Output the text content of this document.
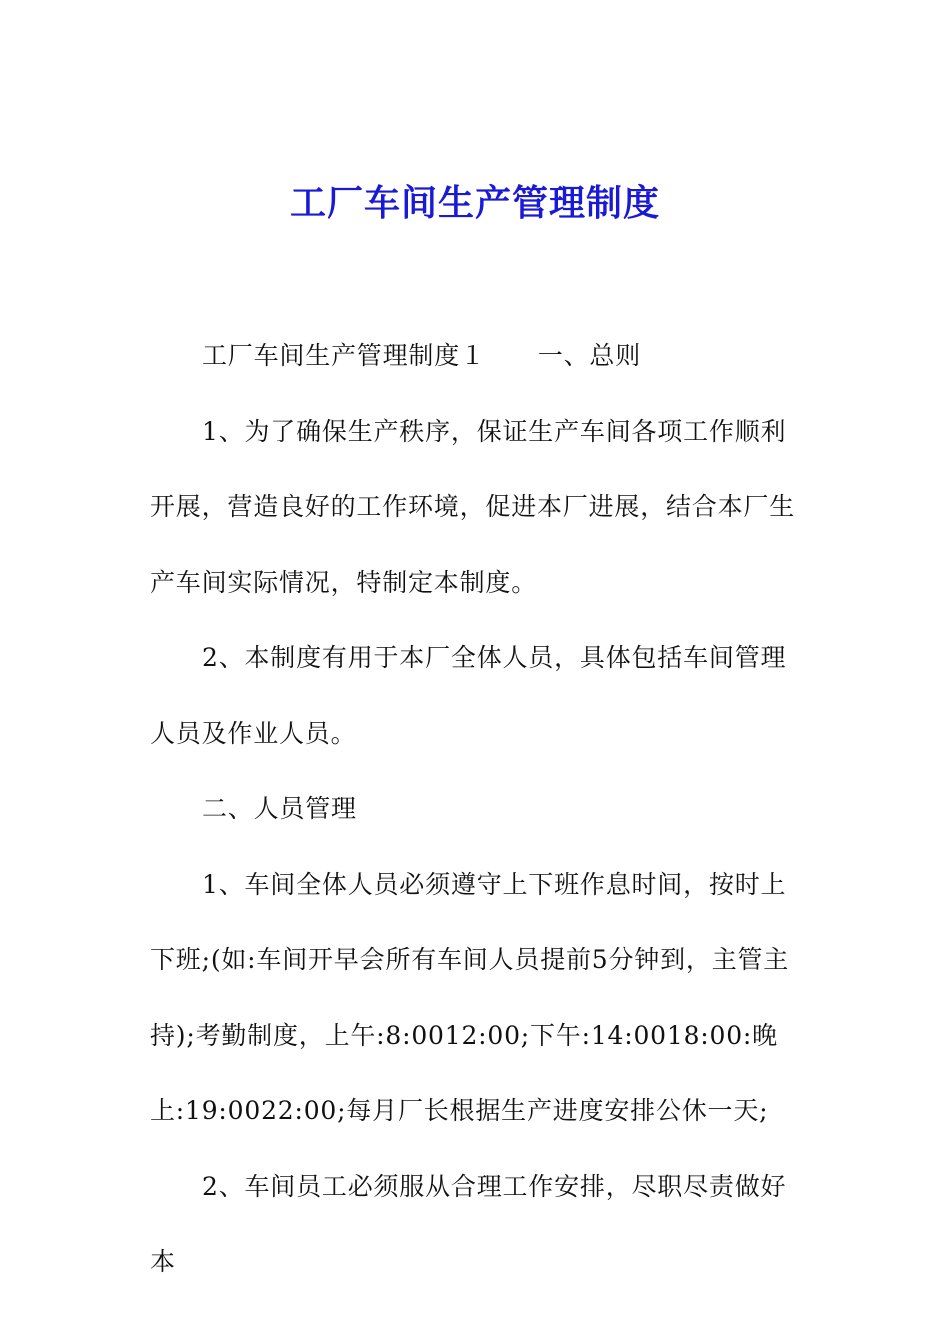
工厂车间生产管理制度

工厂车间生产管理制度１ 一、总则

1、为了确保生产秩序，保证生产车间各项工作顺利开展，营造良好的工作环境，促进本厂进展，结合本厂生产车间实际情况，特制定本制度。

2、本制度有用于本厂全体人员，具体包括车间管理人员及作业人员。

二、人员管理

1、车间全体人员必须遵守上下班作息时间，按时上下班;(如:车间开早会所有车间人员提前5分钟到，主管主持);考勤制度，上午:8:0012:00;下午:14:0018:00:晚上:19:0022:00;每月厂长根据生产进度安排公休一天;

2、车间员工必须服从合理工作安排，尽职尽责做好本
